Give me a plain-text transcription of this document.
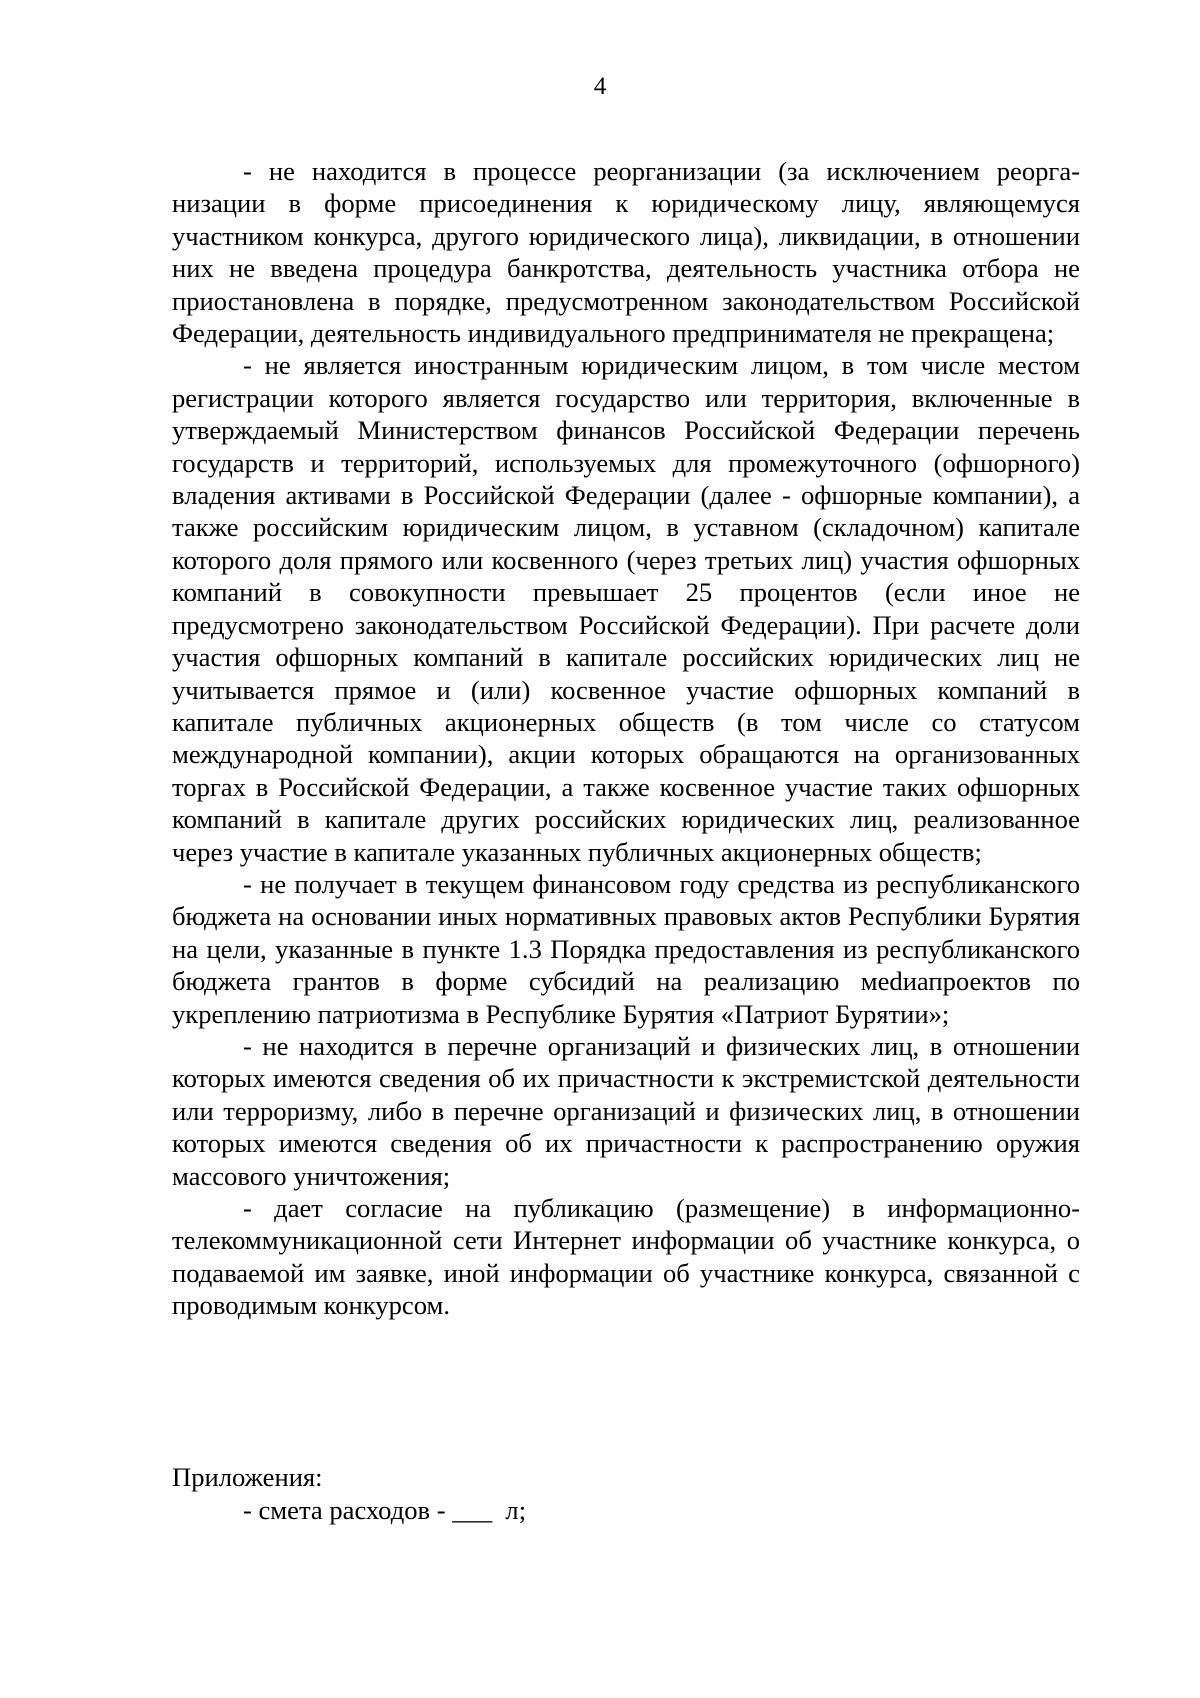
4

- не находится в процессе реорганизации (за исключением реорганизации в форме присоединения к юридическому лицу, являющемуся участником конкурса, другого юридического лица), ликвидации, в отношении них не введена процедура банкротства, деятельность участника отбора не приостановлена в порядке, предусмотренном законодательством Российской Федерации, деятельность индивидуального предпринимателя не прекращена;

- не является иностранным юридическим лицом, в том числе местом регистрации которого является государство или территория, включенные в утверждаемый Министерством финансов Российской Федерации перечень государств и территорий, используемых для промежуточного (офшорного) владения активами в Российской Федерации (далее - офшорные компании), а также российским юридическим лицом, в уставном (складочном) капитале которого доля прямого или косвенного (через третьих лиц) участия офшорных компаний в совокупности превышает 25 процентов (если иное не предусмотрено законодательством Российской Федерации). При расчете доли участия офшорных компаний в капитале российских юридических лиц не учитывается прямое и (или) косвенное участие офшорных компаний в капитале публичных акционерных обществ (в том числе со статусом международной компании), акции которых обращаются на организованных торгах в Российской Федерации, а также косвенное участие таких офшорных компаний в капитале других российских юридических лиц, реализованное через участие в капитале указанных публичных акционерных обществ;

- не получает в текущем финансовом году средства из республиканского бюджета на основании иных нормативных правовых актов Республики Бурятия на цели, указанные в пункте 1.3 Порядка предоставления из республиканского бюджета грантов в форме субсидий на реализацию меdиапроектов по укреплению патриотизма в Республике Бурятия «Патриот Бурятии»;

- не находится в перечне организаций и физических лиц, в отношении которых имеются сведения об их причастности к экстремистской деятельности или терроризму, либо в перечне организаций и физических лиц, в отношении которых имеются сведения об их причастности к распространению оружия массового уничтожения;

- дает согласие на публикацию (размещение) в информационно-телекоммуникационной сети Интернет информации об участнике конкурса, о подаваемой им заявке, иной информации об участнике конкурса, связанной с проводимым конкурсом.

Приложения:

- смета расходов - ___  л;
